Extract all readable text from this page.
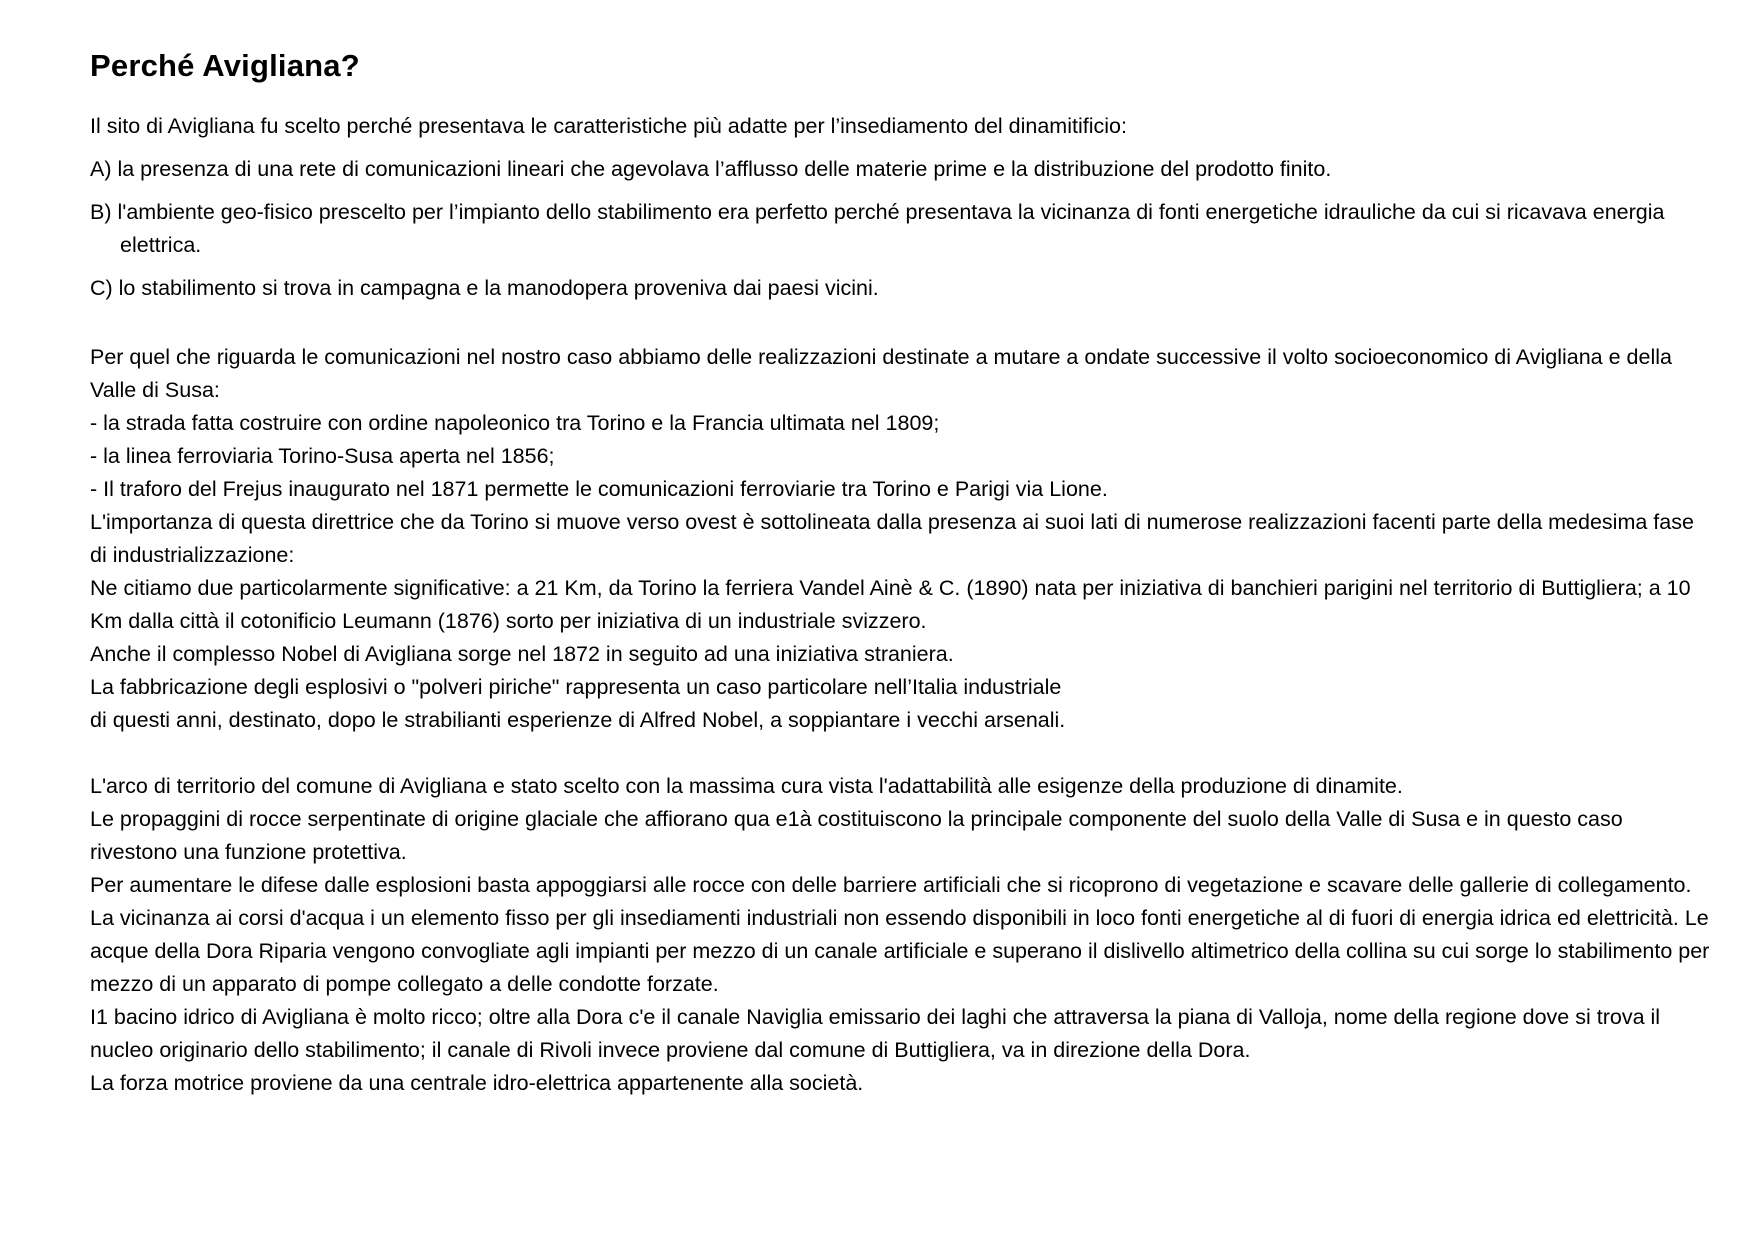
Perché Avigliana?

Il sito di Avigliana fu scelto perché presentava le caratteristiche più adatte per l’insediamento del dinamitificio:

A) la presenza di una rete di comunicazioni lineari che agevolava l’afflusso delle materie prime e la distribuzione del prodotto finito.

B) l'ambiente geo-fisico prescelto per l’impianto dello stabilimento era perfetto perché presentava la vicinanza di fonti energetiche idrauliche da cui si ricavava energia elettrica.

C) lo stabilimento si trova in campagna e la manodopera proveniva dai paesi vicini.

Per quel che riguarda le comunicazioni nel nostro caso abbiamo delle realizzazioni destinate a mutare a ondate successive il volto socioeconomico di Avigliana e della Valle di Susa:

- la strada fatta costruire con ordine napoleonico tra Torino e la Francia ultimata nel 1809;

- la linea ferroviaria Torino-Susa aperta nel 1856;

- Il traforo del Frejus inaugurato nel 1871 permette le comunicazioni ferroviarie tra Torino e Parigi via Lione.

L'importanza di questa direttrice che da Torino si muove verso ovest è sottolineata dalla presenza ai suoi lati di numerose realizzazioni facenti parte della medesima fase di industrializzazione:

Ne citiamo due particolarmente significative: a 21 Km, da Torino la ferriera Vandel Ainè & C. (1890) nata per iniziativa di banchieri parigini nel territorio di Buttigliera; a 10 Km dalla città il cotonificio Leumann (1876) sorto per iniziativa di un industriale svizzero.

Anche il complesso Nobel di Avigliana sorge nel 1872 in seguito ad una iniziativa straniera.

La fabbricazione degli esplosivi o "polveri piriche" rappresenta un caso particolare nell’Italia industriale

di questi anni, destinato, dopo le strabilianti esperienze di Alfred Nobel, a soppiantare i vecchi arsenali.

L'arco di territorio del comune di Avigliana e stato scelto con la massima cura vista l'adattabilità alle esigenze della produzione di dinamite.

Le propaggini di rocce serpentinate di origine glaciale che affiorano qua e1à costituiscono la principale componente del suolo della Valle di Susa e in questo caso rivestono una funzione protettiva.

Per aumentare le difese dalle esplosioni basta appoggiarsi alle rocce con delle barriere artificiali che si ricoprono di vegetazione e scavare delle gallerie di collegamento.

La vicinanza ai corsi d'acqua i un elemento fisso per gli insediamenti industriali non essendo disponibili in loco fonti energetiche al di fuori di energia idrica ed elettricità. Le acque della Dora Riparia vengono convogliate agli impianti per mezzo di un canale artificiale e superano il dislivello altimetrico della collina su cui sorge lo stabilimento per mezzo di un apparato di pompe collegato a delle condotte forzate.

I1 bacino idrico di Avigliana è molto ricco; oltre alla Dora c'e il canale Naviglia emissario dei laghi che attraversa la piana di Valloja, nome della regione dove si trova il nucleo originario dello stabilimento; il canale di Rivoli invece proviene dal comune di Buttigliera, va in direzione della Dora.

La forza motrice proviene da una centrale idro-elettrica appartenente alla società.
